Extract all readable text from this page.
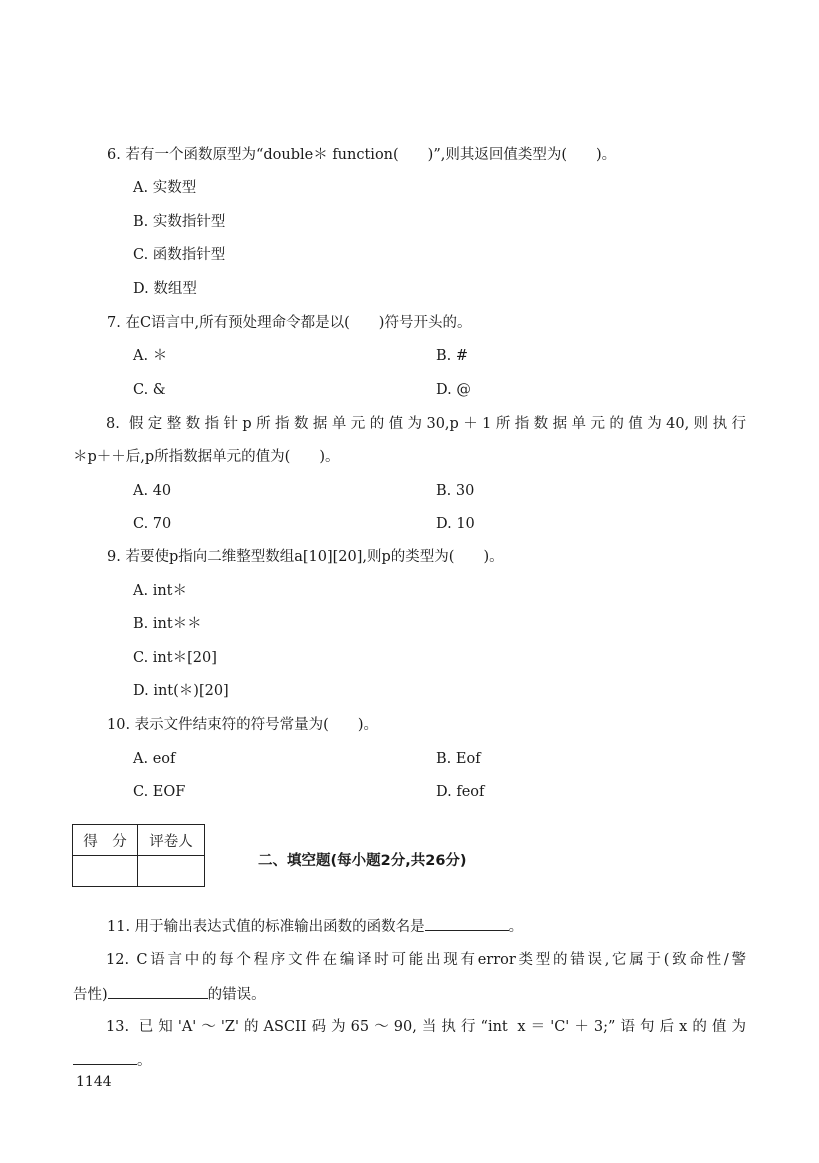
6. 若有一个函数原型为“double＊ function(　　)”,则其返回值类型为(　　)。
A. 实数型
B. 实数指针型
C. 函数指针型
D. 数组型
7. 在C语言中,所有预处理命令都是以(　　)符号开头的。
A. ＊	B. #
C. &	D. @
8. 假定整数指针p所指数据单元的值为30,p＋1所指数据单元的值为40,则执行
＊p＋＋后,p所指数据单元的值为(　　)。
A. 40	B. 30
C. 70	D. 10
9. 若要使p指向二维整型数组a[10][20],则p的类型为(　　)。
A. int＊
B. int＊＊
C. int＊[20]
D. int(＊)[20]
10. 表示文件结束符的符号常量为(　　)。
A. eof	B. Eof
C. EOF	D. feof
得　分	评卷人

二、填空题(每小题2分,共26分)
11. 用于输出表达式值的标准输出函数的函数名是	。
12. C语言中的每个程序文件在编译时可能出现有error类型的错误,它属于(致命性/警
告性)	的错误。
13. 已知'A'～'Z'的ASCII码为65～90,当执行“int x＝'C'＋3;”语句后x的值为
。
1144
